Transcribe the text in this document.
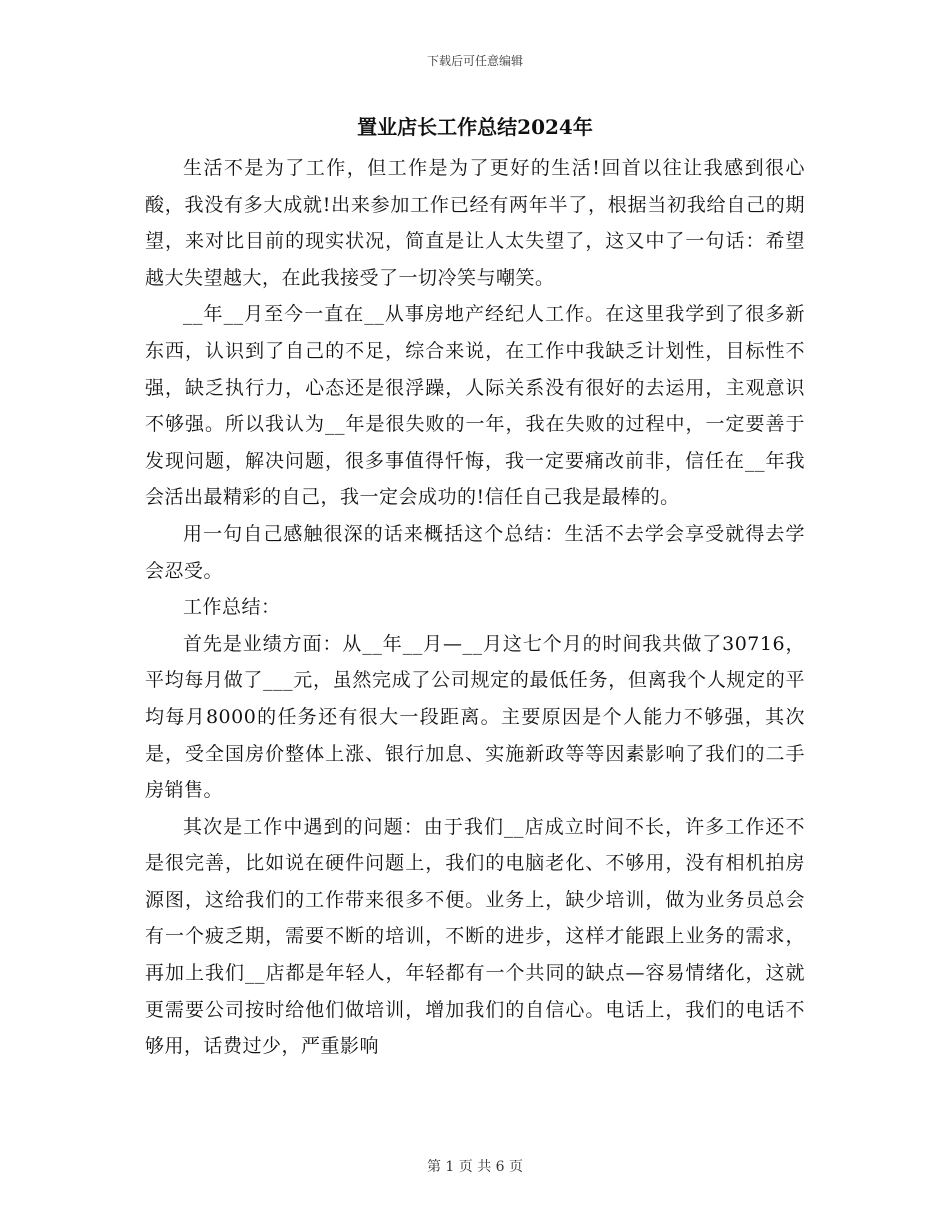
下载后可任意编辑
置业店长工作总结2024年

生活不是为了工作，但工作是为了更好的生活!回首以往让我感到很心酸，我没有多大成就!出来参加工作已经有两年半了，根据当初我给自己的期望，来对比目前的现实状况，简直是让人太失望了，这又中了一句话：希望越大失望越大，在此我接受了一切冷笑与嘲笑。

__年__月至今一直在__从事房地产经纪人工作。在这里我学到了很多新东西，认识到了自己的不足，综合来说，在工作中我缺乏计划性，目标性不强，缺乏执行力，心态还是很浮躁，人际关系没有很好的去运用，主观意识不够强。所以我认为__年是很失败的一年，我在失败的过程中，一定要善于发现问题，解决问题，很多事值得忏悔，我一定要痛改前非，信任在__年我会活出最精彩的自己，我一定会成功的!信任自己我是最棒的。

用一句自己感触很深的话来概括这个总结：生活不去学会享受就得去学会忍受。

工作总结：

首先是业绩方面：从__年__月—__月这七个月的时间我共做了30716，平均每月做了___元，虽然完成了公司规定的最低任务，但离我个人规定的平均每月8000的任务还有很大一段距离。主要原因是个人能力不够强，其次是，受全国房价整体上涨、银行加息、实施新政等等因素影响了我们的二手房销售。

其次是工作中遇到的问题：由于我们__店成立时间不长，许多工作还不是很完善，比如说在硬件问题上，我们的电脑老化、不够用，没有相机拍房源图，这给我们的工作带来很多不便。业务上，缺少培训，做为业务员总会有一个疲乏期，需要不断的培训，不断的进步，这样才能跟上业务的需求，再加上我们__店都是年轻人，年轻都有一个共同的缺点—容易情绪化，这就更需要公司按时给他们做培训，增加我们的自信心。电话上，我们的电话不够用，话费过少，严重影响

第 1 页 共 6 页
